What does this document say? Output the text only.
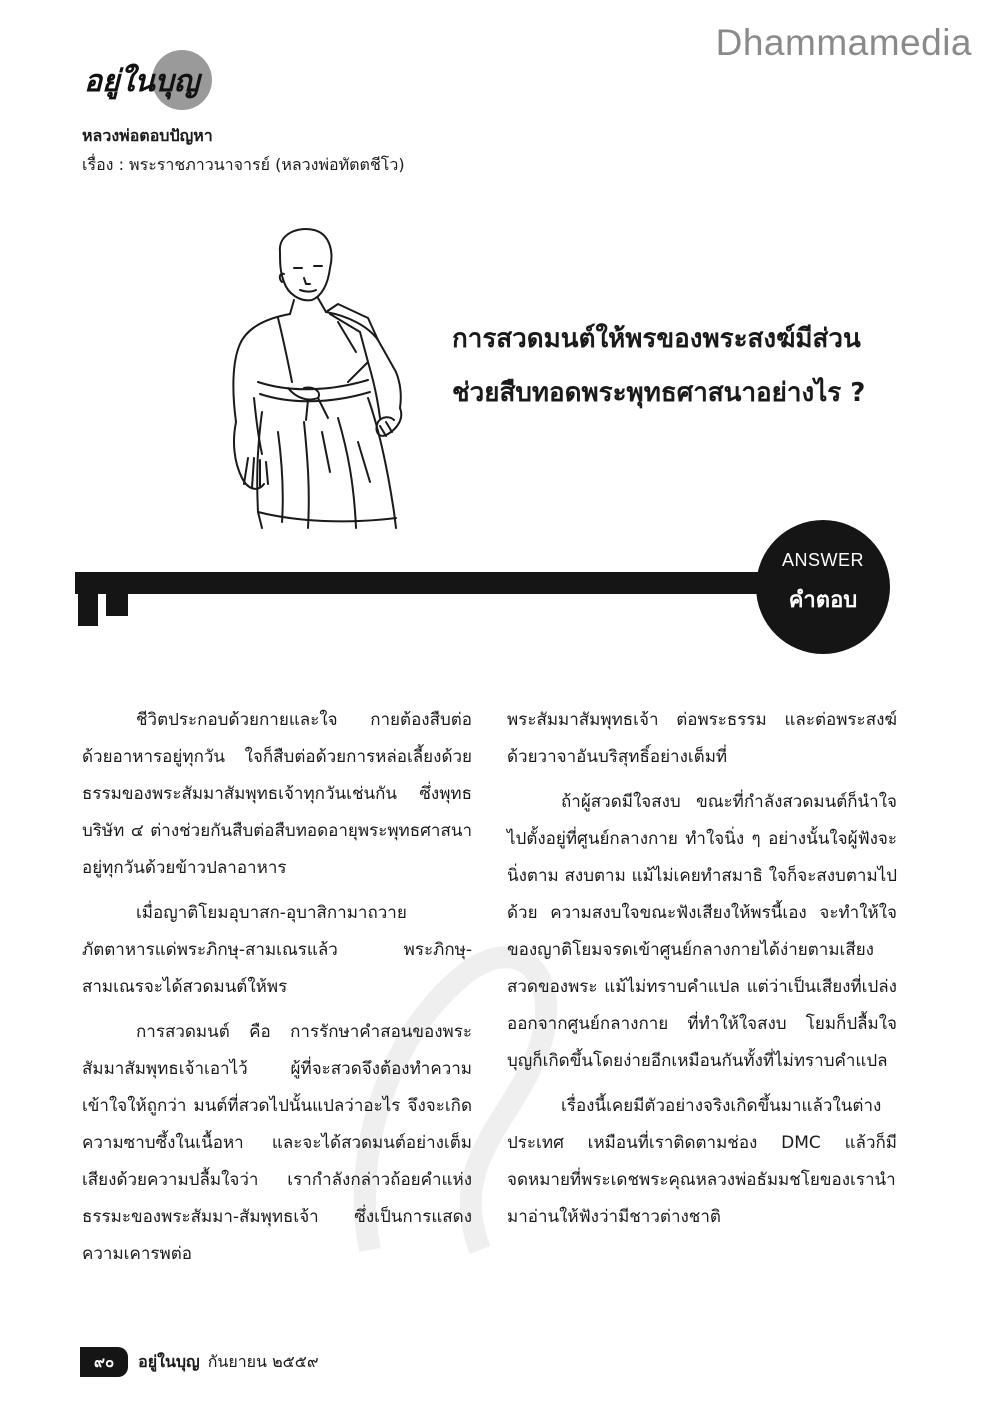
Dhammamedia
อยู่ในบุญ
หลวงพ่อตอบปัญหา
เรื่อง : พระราชภาวนาจารย์ (หลวงพ่อทัตตชีโว)
การสวดมนต์ให้พรของพระสงฆ์มีส่วน
ช่วยสืบทอดพระพุทธศาสนาอย่างไร ?
ANSWER
คำตอบ

ชีวิตประกอบด้วยกายและใจ กายต้องสืบต่อด้วยอาหารอยู่ทุกวัน ใจก็สืบต่อด้วยการหล่อเลี้ยงด้วยธรรมของพระสัมมาสัมพุทธเจ้าทุกวันเช่นกัน ซึ่งพุทธบริษัท ๔ ต่างช่วยกันสืบต่อสืบทอดอายุพระพุทธศาสนาอยู่ทุกวันด้วยข้าวปลาอาหาร

เมื่อญาติโยมอุบาสก-อุบาสิกามาถวายภัตตาหารแด่พระภิกษุ-สามเณรแล้ว พระภิกษุ-สามเณรจะได้สวดมนต์ให้พร

การสวดมนต์ คือ การรักษาคำสอนของพระสัมมาสัมพุทธเจ้าเอาไว้ ผู้ที่จะสวดจึงต้องทำความเข้าใจให้ถูกว่า มนต์ที่สวดไปนั้นแปลว่าอะไร จึงจะเกิดความซาบซึ้งในเนื้อหา และจะได้สวดมนต์อย่างเต็มเสียงด้วยความปลื้มใจว่า เรากำลังกล่าวถ้อยคำแห่งธรรมะของพระสัมมา-สัมพุทธเจ้า ซึ่งเป็นการแสดงความเคารพต่อ

พระสัมมาสัมพุทธเจ้า ต่อพระธรรม และต่อพระสงฆ์ ด้วยวาจาอันบริสุทธิ์อย่างเต็มที่

ถ้าผู้สวดมีใจสงบ ขณะที่กำลังสวดมนต์ก็นำใจไปตั้งอยู่ที่ศูนย์กลางกาย ทำใจนิ่ง ๆ อย่างนั้นใจผู้ฟังจะนิ่งตาม สงบตาม แม้ไม่เคยทำสมาธิ ใจก็จะสงบตามไปด้วย ความสงบใจขณะฟังเสียงให้พรนี้เอง จะทำให้ใจของญาติโยมจรดเข้าศูนย์กลางกายได้ง่ายตามเสียงสวดของพระ แม้ไม่ทราบคำแปล แต่ว่าเป็นเสียงที่เปล่งออกจากศูนย์กลางกาย ที่ทำให้ใจสงบ โยมก็ปลื้มใจ บุญก็เกิดขึ้นโดยง่ายอีกเหมือนกันทั้งที่ไม่ทราบคำแปล

เรื่องนี้เคยมีตัวอย่างจริงเกิดขึ้นมาแล้วในต่างประเทศ เหมือนที่เราติดตามช่อง DMC แล้วก็มีจดหมายที่พระเดชพระคุณหลวงพ่อธัมมชโยของเรานำมาอ่านให้ฟังว่ามีชาวต่างชาติ

๙๐	อยู่ในบุญ กันยายน ๒๕๕๙
